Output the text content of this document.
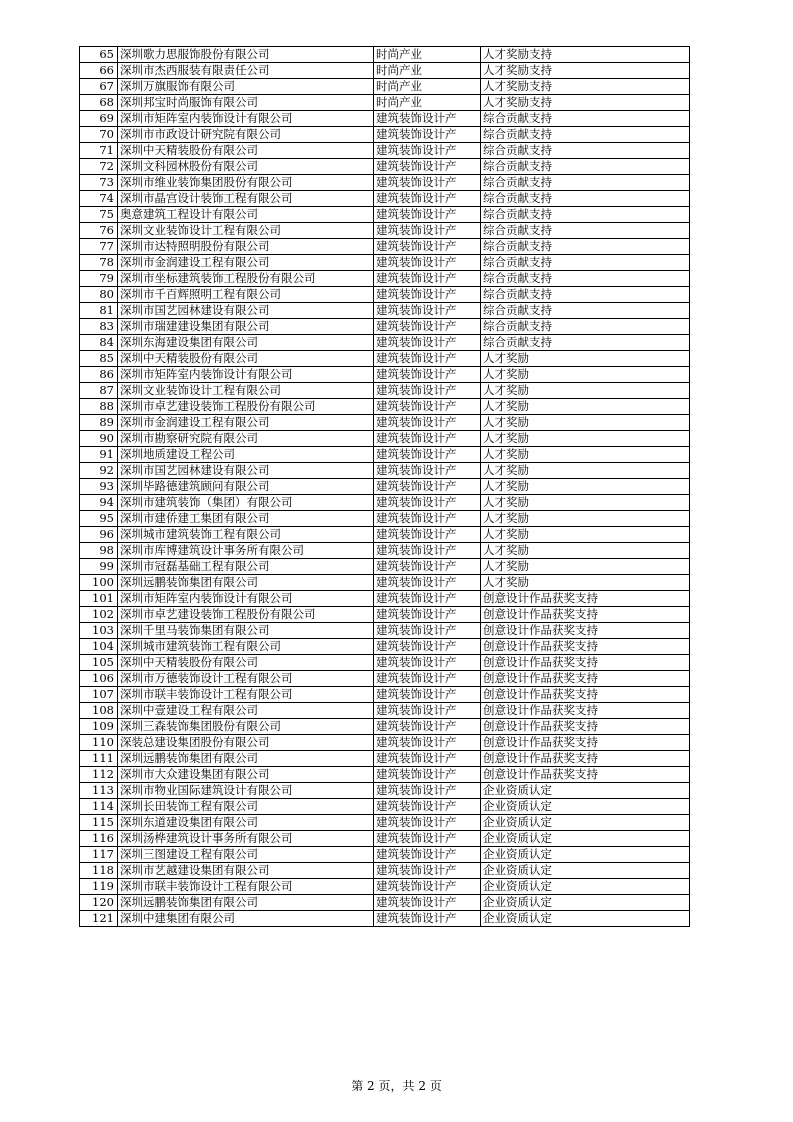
65	深圳歌力思服饰股份有限公司	时尚产业	人才奖励支持
66	深圳市杰西服装有限责任公司	时尚产业	人才奖励支持
67	深圳万旗服饰有限公司	时尚产业	人才奖励支持
68	深圳邦宝时尚服饰有限公司	时尚产业	人才奖励支持
69	深圳市矩阵室内装饰设计有限公司	建筑装饰设计产	综合贡献支持
70	深圳市市政设计研究院有限公司	建筑装饰设计产	综合贡献支持
71	深圳中天精装股份有限公司	建筑装饰设计产	综合贡献支持
72	深圳文科园林股份有限公司	建筑装饰设计产	综合贡献支持
73	深圳市维业装饰集团股份有限公司	建筑装饰设计产	综合贡献支持
74	深圳市晶宫设计装饰工程有限公司	建筑装饰设计产	综合贡献支持
75	奥意建筑工程设计有限公司	建筑装饰设计产	综合贡献支持
76	深圳文业装饰设计工程有限公司	建筑装饰设计产	综合贡献支持
77	深圳市达特照明股份有限公司	建筑装饰设计产	综合贡献支持
78	深圳市金润建设工程有限公司	建筑装饰设计产	综合贡献支持
79	深圳市坐标建筑装饰工程股份有限公司	建筑装饰设计产	综合贡献支持
80	深圳市千百辉照明工程有限公司	建筑装饰设计产	综合贡献支持
81	深圳市国艺园林建设有限公司	建筑装饰设计产	综合贡献支持
83	深圳市瑞建建设集团有限公司	建筑装饰设计产	综合贡献支持
84	深圳东海建设集团有限公司	建筑装饰设计产	综合贡献支持
85	深圳中天精装股份有限公司	建筑装饰设计产	人才奖励
86	深圳市矩阵室内装饰设计有限公司	建筑装饰设计产	人才奖励
87	深圳文业装饰设计工程有限公司	建筑装饰设计产	人才奖励
88	深圳市卓艺建设装饰工程股份有限公司	建筑装饰设计产	人才奖励
89	深圳市金润建设工程有限公司	建筑装饰设计产	人才奖励
90	深圳市勘察研究院有限公司	建筑装饰设计产	人才奖励
91	深圳地质建设工程公司	建筑装饰设计产	人才奖励
92	深圳市国艺园林建设有限公司	建筑装饰设计产	人才奖励
93	深圳毕路德建筑顾问有限公司	建筑装饰设计产	人才奖励
94	深圳市建筑装饰（集团）有限公司	建筑装饰设计产	人才奖励
95	深圳市建侨建工集团有限公司	建筑装饰设计产	人才奖励
96	深圳城市建筑装饰工程有限公司	建筑装饰设计产	人才奖励
98	深圳市库博建筑设计事务所有限公司	建筑装饰设计产	人才奖励
99	深圳市冠磊基础工程有限公司	建筑装饰设计产	人才奖励
100	深圳远鹏装饰集团有限公司	建筑装饰设计产	人才奖励
101	深圳市矩阵室内装饰设计有限公司	建筑装饰设计产	创意设计作品获奖支持
102	深圳市卓艺建设装饰工程股份有限公司	建筑装饰设计产	创意设计作品获奖支持
103	深圳千里马装饰集团有限公司	建筑装饰设计产	创意设计作品获奖支持
104	深圳城市建筑装饰工程有限公司	建筑装饰设计产	创意设计作品获奖支持
105	深圳中天精装股份有限公司	建筑装饰设计产	创意设计作品获奖支持
106	深圳市万德装饰设计工程有限公司	建筑装饰设计产	创意设计作品获奖支持
107	深圳市联丰装饰设计工程有限公司	建筑装饰设计产	创意设计作品获奖支持
108	深圳中壹建设工程有限公司	建筑装饰设计产	创意设计作品获奖支持
109	深圳三森装饰集团股份有限公司	建筑装饰设计产	创意设计作品获奖支持
110	深装总建设集团股份有限公司	建筑装饰设计产	创意设计作品获奖支持
111	深圳远鹏装饰集团有限公司	建筑装饰设计产	创意设计作品获奖支持
112	深圳市大众建设集团有限公司	建筑装饰设计产	创意设计作品获奖支持
113	深圳市物业国际建筑设计有限公司	建筑装饰设计产	企业资质认定
114	深圳长田装饰工程有限公司	建筑装饰设计产	企业资质认定
115	深圳东道建设集团有限公司	建筑装饰设计产	企业资质认定
116	深圳汤桦建筑设计事务所有限公司	建筑装饰设计产	企业资质认定
117	深圳三图建设工程有限公司	建筑装饰设计产	企业资质认定
118	深圳市艺越建设集团有限公司	建筑装饰设计产	企业资质认定
119	深圳市联丰装饰设计工程有限公司	建筑装饰设计产	企业资质认定
120	深圳远鹏装饰集团有限公司	建筑装饰设计产	企业资质认定
121	深圳中建集团有限公司	建筑装饰设计产	企业资质认定
第 2 页，共 2 页
